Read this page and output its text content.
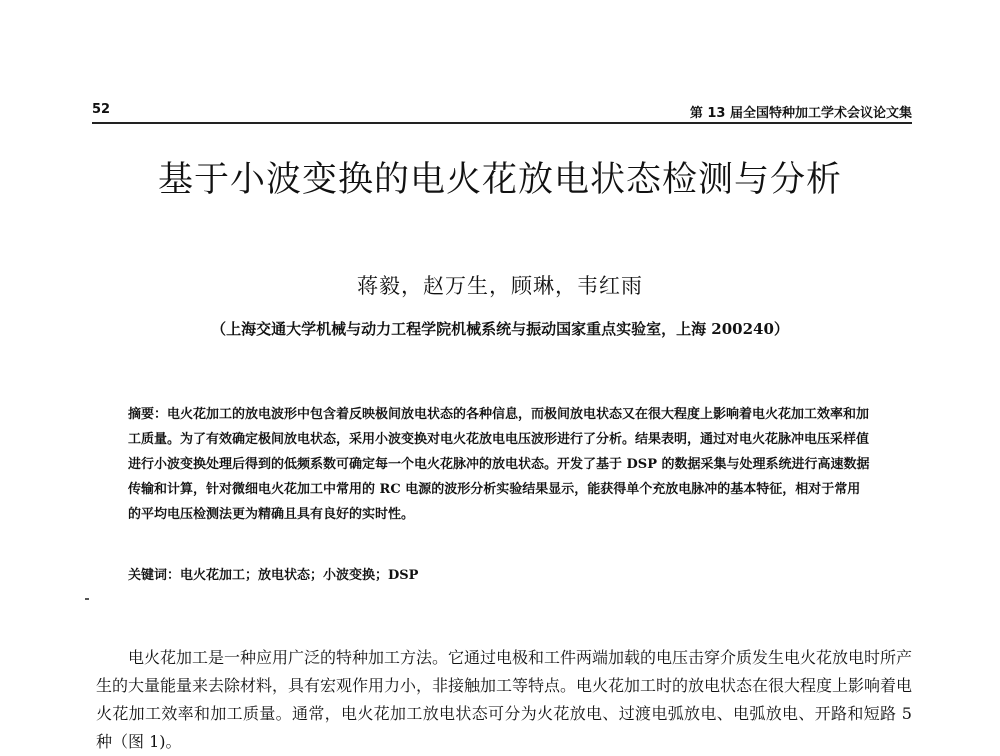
52	第 13 届全国特种加工学术会议论文集
基于小波变换的电火花放电状态检测与分析
蒋毅，赵万生，顾琳，韦红雨
（上海交通大学机械与动力工程学院机械系统与振动国家重点实验室，上海 200240）
摘要：电火花加工的放电波形中包含着反映极间放电状态的各种信息，而极间放电状态又在很大程度上影响着电火花加工效率和加工质量。为了有效确定极间放电状态，采用小波变换对电火花放电电压波形进行了分析。结果表明，通过对电火花脉冲电压采样值进行小波变换处理后得到的低频系数可确定每一个电火花脉冲的放电状态。开发了基于 DSP 的数据采集与处理系统进行高速数据传输和计算，针对微细电火花加工中常用的 RC 电源的波形分析实验结果显示，能获得单个充放电脉冲的基本特征，相对于常用的平均电压检测法更为精确且具有良好的实时性。
关键词：电火花加工；放电状态；小波变换；DSP
电火花加工是一种应用广泛的特种加工方法。它通过电极和工件两端加载的电压击穿介质发生电火花放电时所产生的大量能量来去除材料，具有宏观作用力小，非接触加工等特点。电火花加工时的放电状态在很大程度上影响着电火花加工效率和加工质量。通常，电火花加工放电状态可分为火花放电、过渡电弧放电、电弧放电、开路和短路 5 种（图 1)。
